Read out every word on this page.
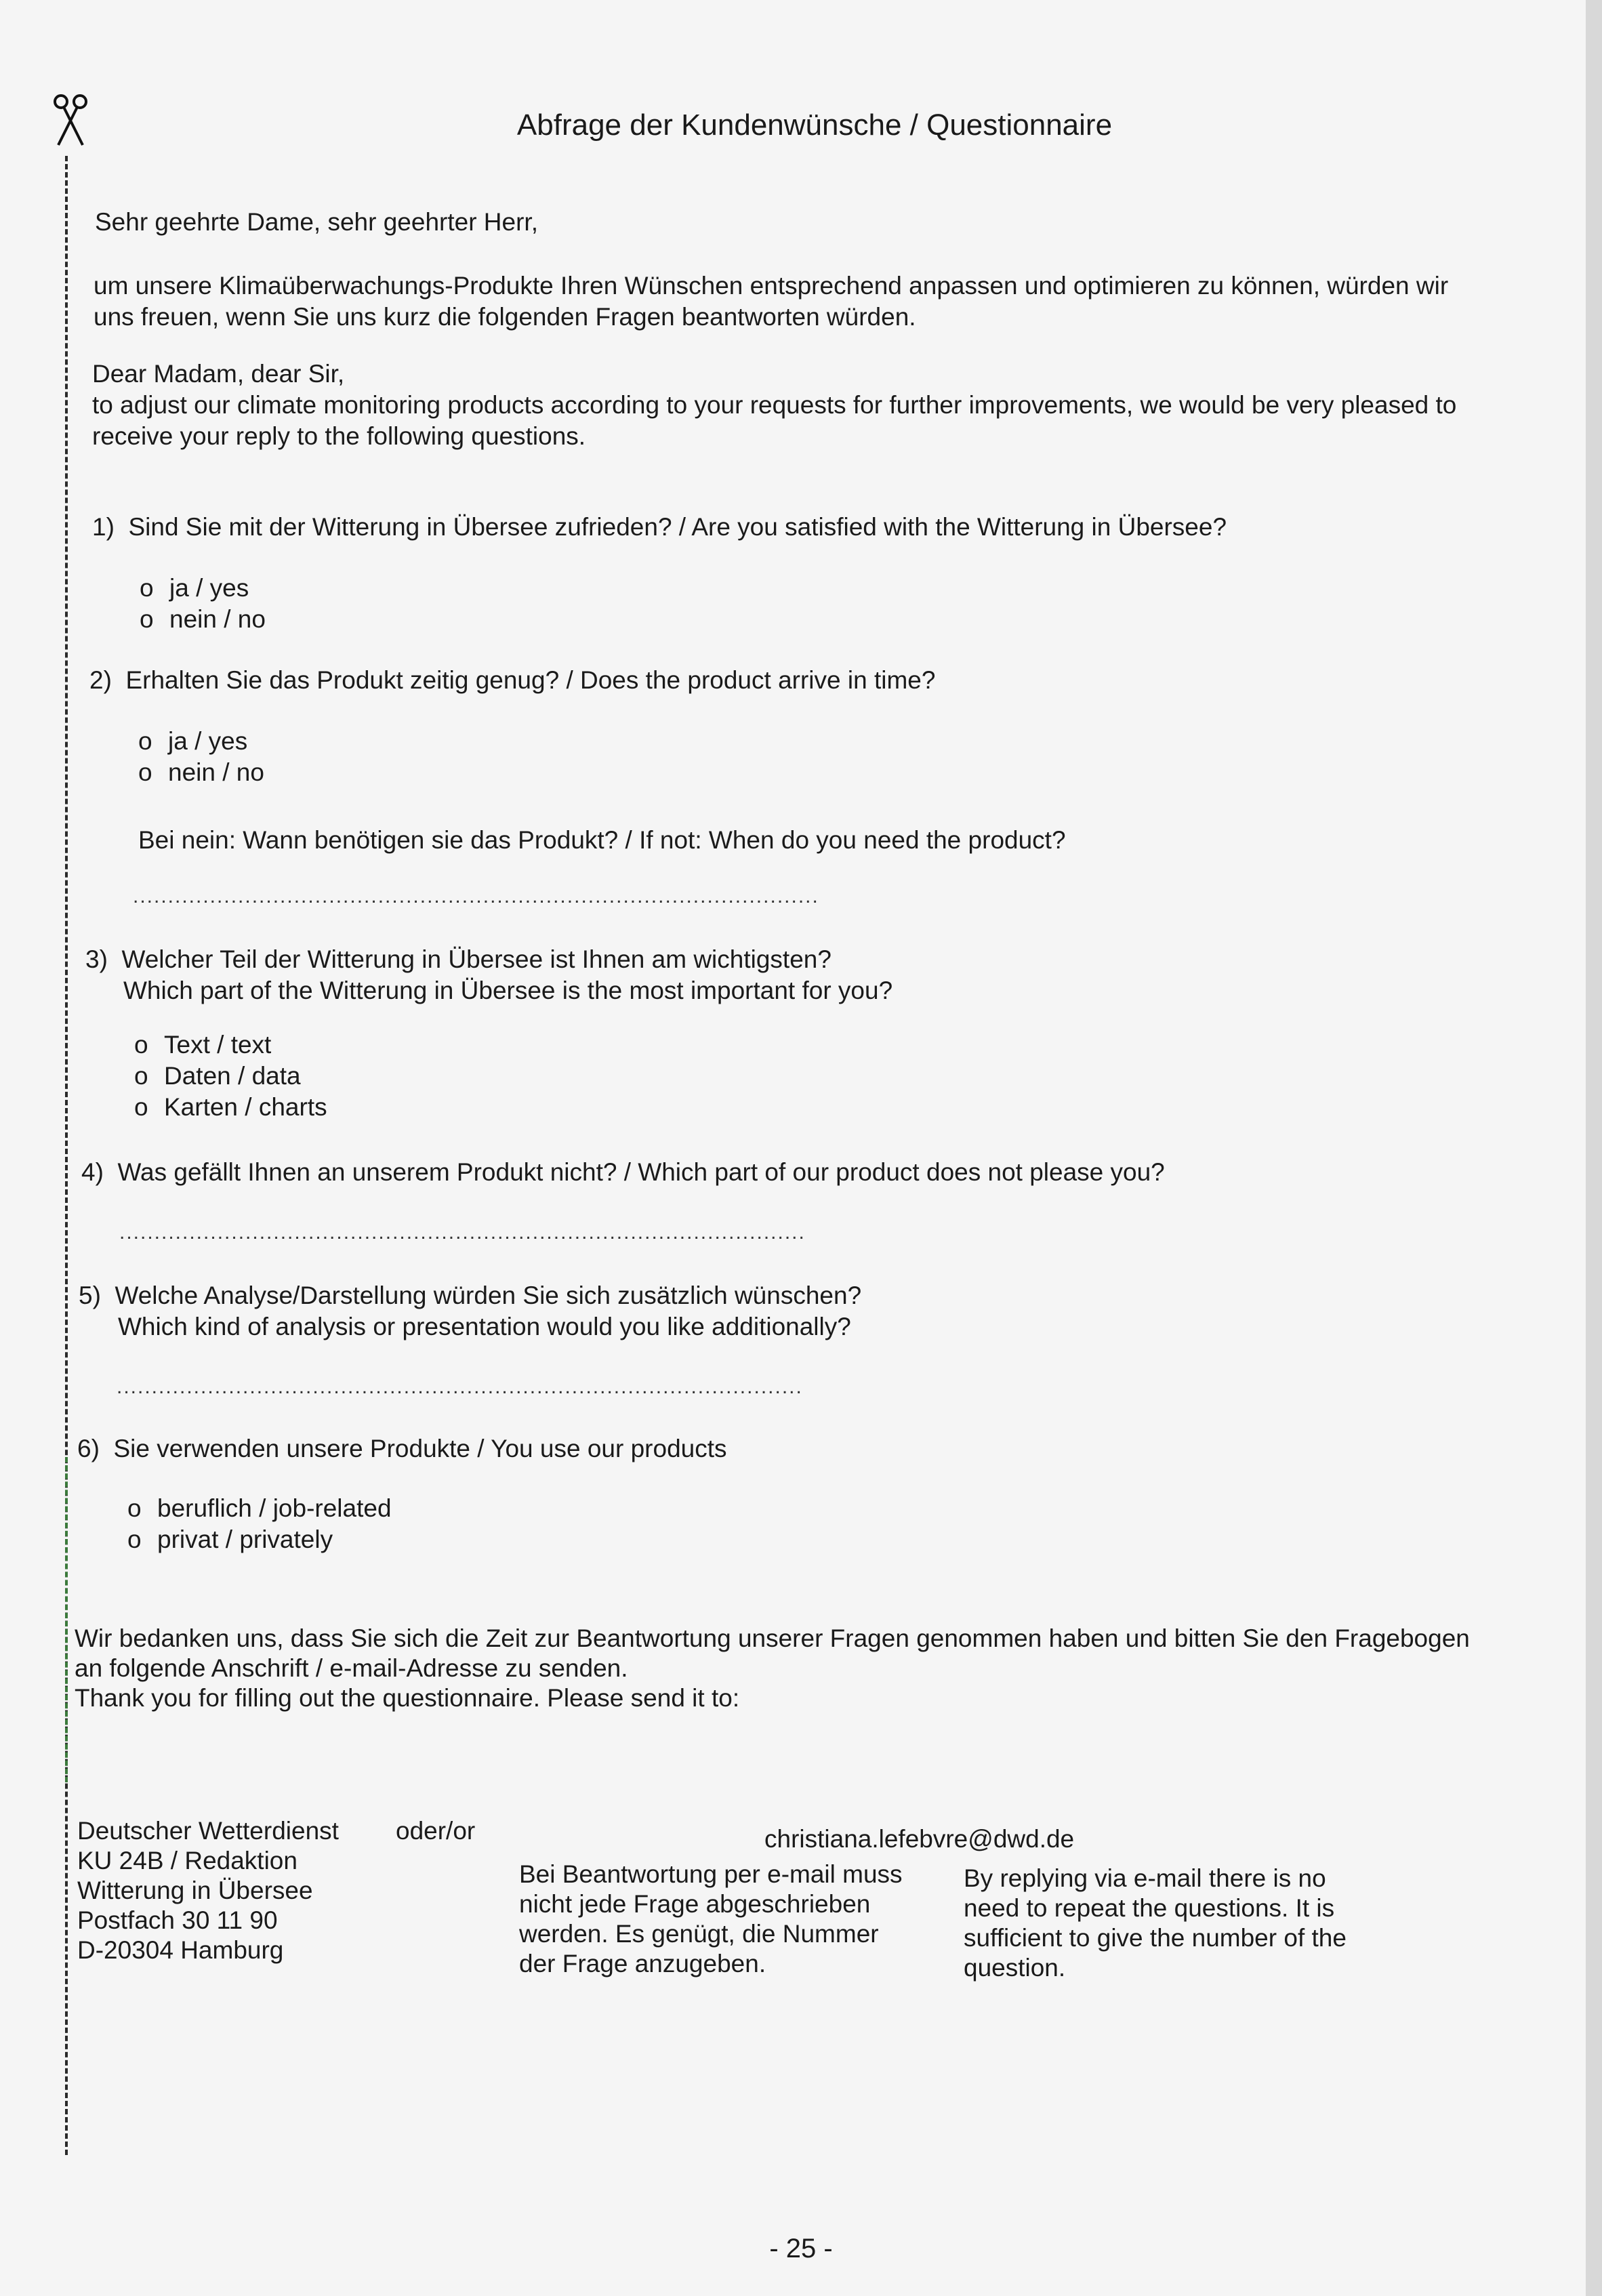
Abfrage der Kundenwünsche / Questionnaire
Sehr geehrte Dame, sehr geehrter Herr,
um unsere Klimaüberwachungs-Produkte Ihren Wünschen entsprechend anpassen und optimieren zu können, würden wir
uns freuen, wenn Sie uns kurz die folgenden Fragen beantworten würden.
Dear Madam, dear Sir,
to adjust our climate monitoring products according to your requests for further improvements, we would be very pleased to
receive your reply to the following questions.
1) Sind Sie mit der Witterung in Übersee zufrieden? / Are you satisfied with the Witterung in Übersee?
o ja / yes
o nein / no
2) Erhalten Sie das Produkt zeitig genug? / Does the product arrive in time?
o ja / yes
o nein / no
Bei nein: Wann benötigen sie das Produkt? / If not: When do you need the product?
..................................................................................................
3) Welcher Teil der Witterung in Übersee ist Ihnen am wichtigsten?
Which part of the Witterung in Übersee is the most important for you?
o Text / text
o Daten / data
o Karten / charts
4) Was gefällt Ihnen an unserem Produkt nicht? / Which part of our product does not please you?
..................................................................................................
5) Welche Analyse/Darstellung würden Sie sich zusätzlich wünschen?
Which kind of analysis or presentation would you like additionally?
..................................................................................................
6) Sie verwenden unsere Produkte / You use our products
o beruflich / job-related
o privat / privately
Wir bedanken uns, dass Sie sich die Zeit zur Beantwortung unserer Fragen genommen haben und bitten Sie den Fragebogen
an folgende Anschrift / e-mail-Adresse zu senden.
Thank you for filling out the questionnaire. Please send it to:
Deutscher Wetterdienst
KU 24B / Redaktion
Witterung in Übersee
Postfach 30 11 90
D-20304 Hamburg
oder/or	christiana.lefebvre@dwd.de
Bei Beantwortung per e-mail muss
nicht jede Frage abgeschrieben
werden. Es genügt, die Nummer
der Frage anzugeben.
By replying via e-mail there is no
need to repeat the questions. It is
sufficient to give the number of the
question.
- 25 -
